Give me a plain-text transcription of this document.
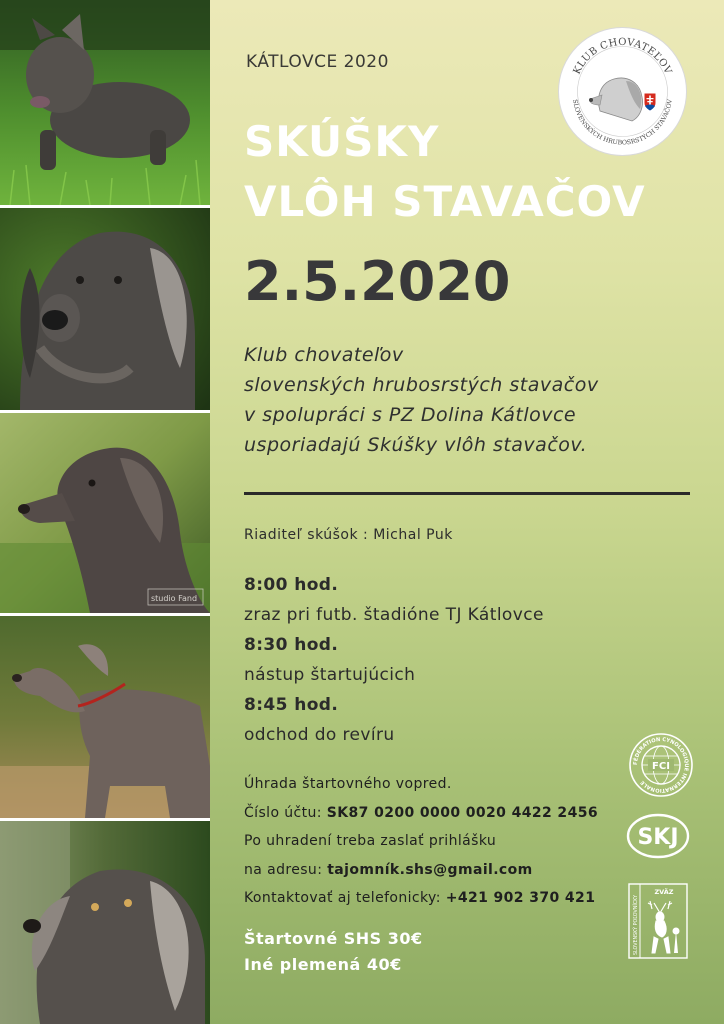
studio Fand
KÁTLOVCE 2020
SKÚŠKY
VLÔH STAVAČOV
2.5.2020
Klub chovateľov
slovenských hrubosrstých stavačov
v spolupráci s PZ Dolina Kátlovce
usporiadajú Skúšky vlôh stavačov.
Riaditeľ skúšok : Michal Puk
8:00 hod.
zraz pri futb. štadióne TJ Kátlovce
8:30 hod.
nástup štartujúcich
8:45 hod.
odchod do revíru
Úhrada štartovného vopred.
Číslo účtu: SK87 0200 0000 0020 4422 2456
Po uhradení treba zaslať prihlášku
na adresu: tajomník.shs@gmail.com
Kontaktovať aj telefonicky: +421 902 370 421
Štartovné SHS 30€
Iné plemená 40€
KLUB CHOVATEĽOV
SLOVENSKÝCH HRUBOSRSTÝCH STAVAČOV
FÉDÉRATION CYNOLOGIQUE INTERNATIONALE
FCI
SKJ
SLOVENSKÝ POĽOVNÍCKY
ZVÄZ
